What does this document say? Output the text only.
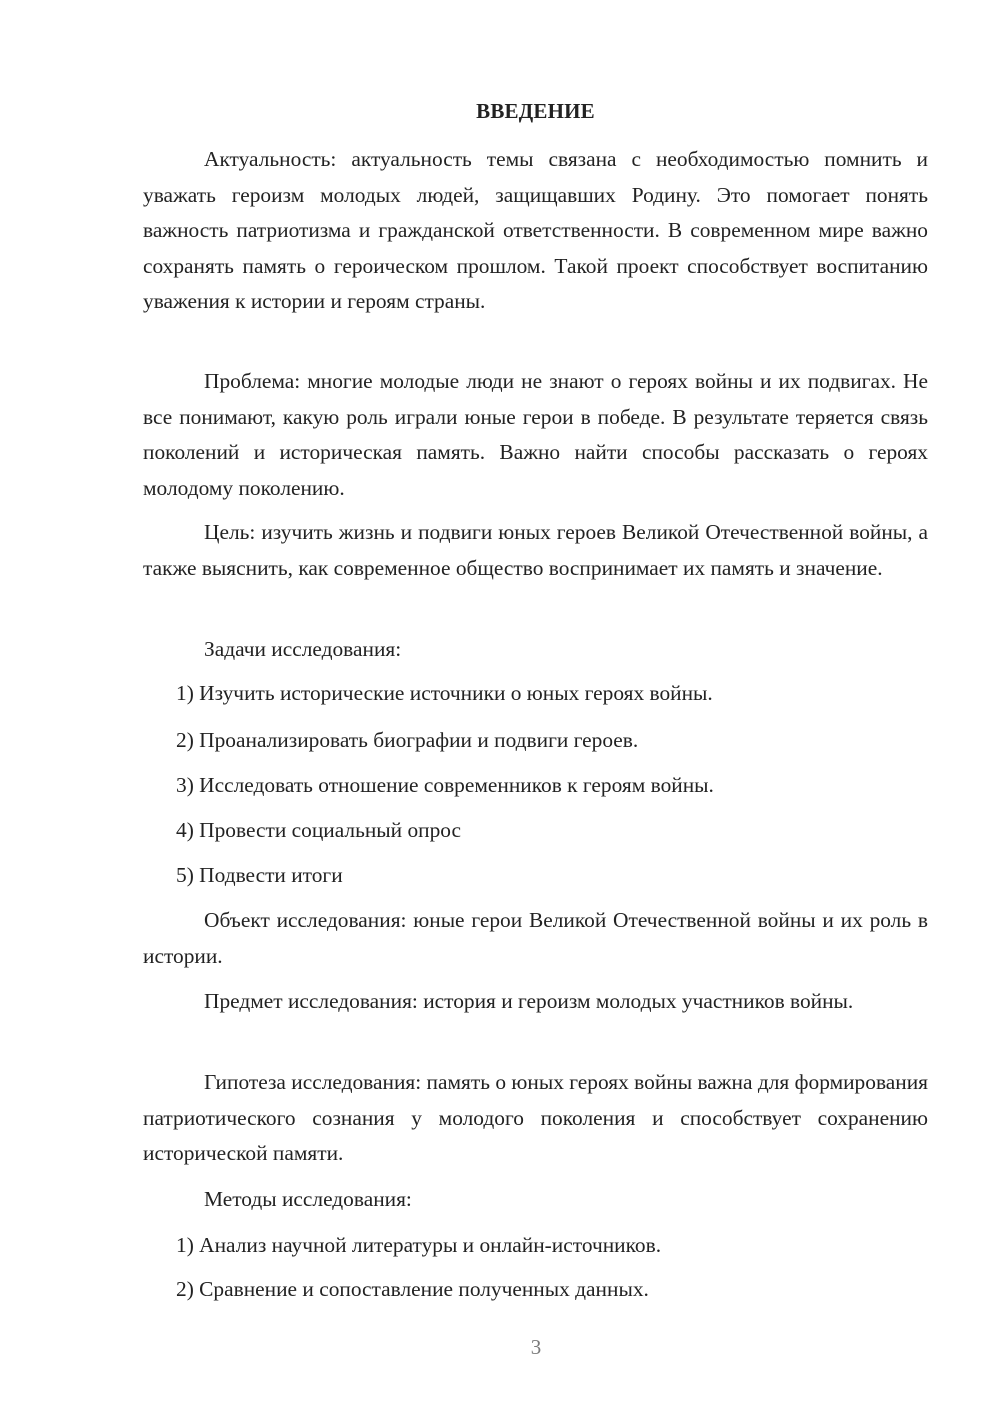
ВВЕДЕНИЕ

Актуальность: актуальность темы связана с необходимостью помнить и уважать героизм молодых людей, защищавших Родину. Это помогает понять важность патриотизма и гражданской ответственности. В современном мире важно сохранять память о героическом прошлом. Такой проект способствует воспитанию уважения к истории и героям страны.

Проблема: многие молодые люди не знают о героях войны и их подвигах. Не все понимают, какую роль играли юные герои в победе. В результате теряется связь поколений и историческая память. Важно найти способы рассказать о героях молодому поколению.

Цель: изучить жизнь и подвиги юных героев Великой Отечественной войны, а также выяснить, как современное общество воспринимает их память и значение.

Задачи исследования:

1) Изучить исторические источники о юных героях войны.

2) Проанализировать биографии и подвиги героев.

3) Исследовать отношение современников к героям войны.

4) Провести социальный опрос

5) Подвести итоги

Объект исследования: юные герои Великой Отечественной войны и их роль в истории.

Предмет исследования: история и героизм молодых участников войны.

Гипотеза исследования: память о юных героях войны важна для формирования патриотического сознания у молодого поколения и способствует сохранению исторической памяти.

Методы исследования:

1) Анализ научной литературы и онлайн-источников.

2) Сравнение и сопоставление полученных данных.

3
